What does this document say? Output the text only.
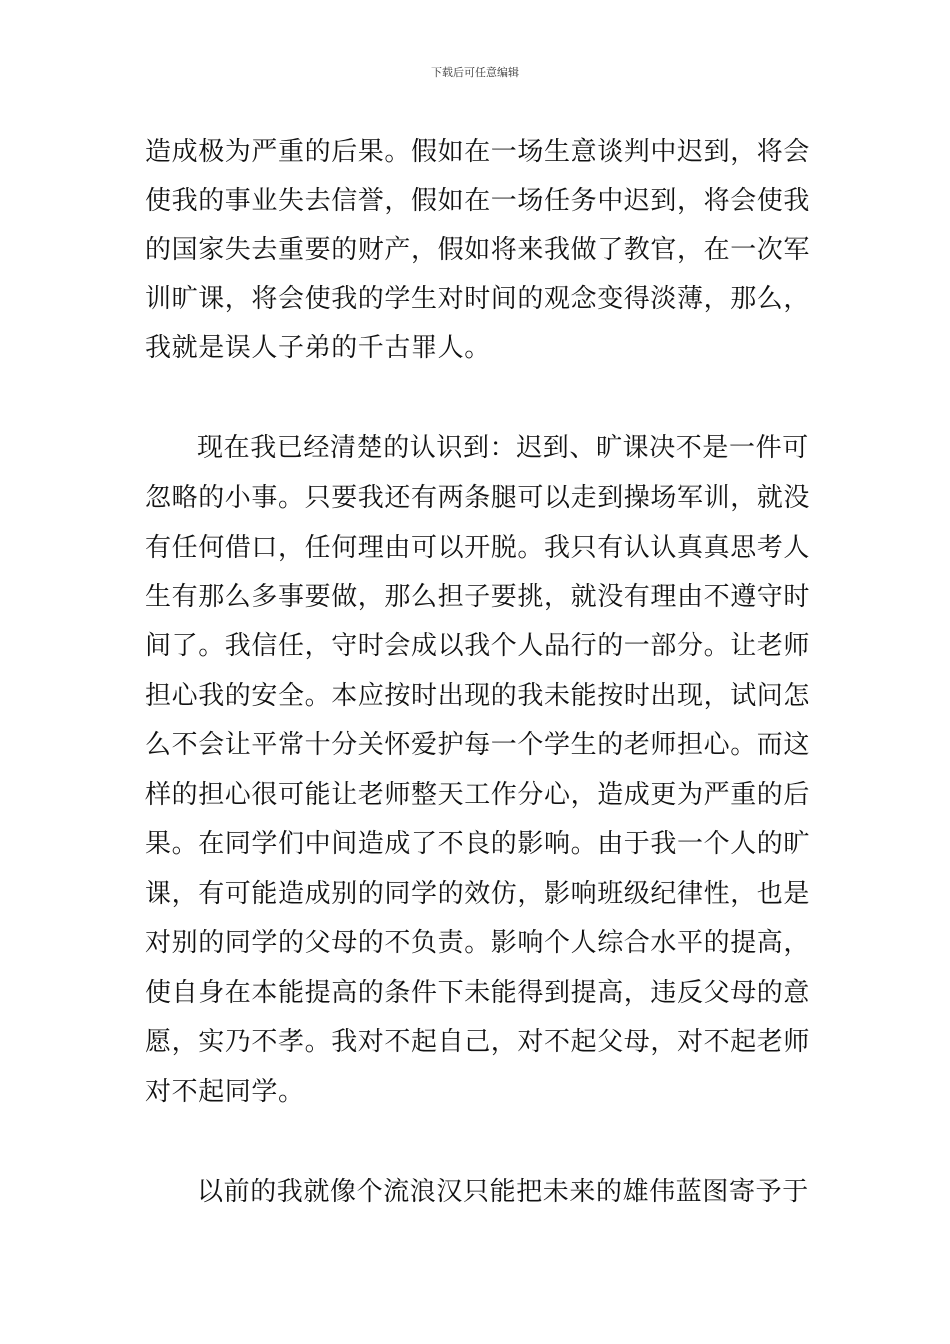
下载后可任意编辑
造成极为严重的后果。假如在一场生意谈判中迟到，将会
使我的事业失去信誉，假如在一场任务中迟到，将会使我
的国家失去重要的财产，假如将来我做了教官，在一次军
训旷课，将会使我的学生对时间的观念变得淡薄，那么，
我就是误人子弟的千古罪人。
现在我已经清楚的认识到：迟到、旷课决不是一件可
忽略的小事。只要我还有两条腿可以走到操场军训，就没
有任何借口，任何理由可以开脱。我只有认认真真思考人
生有那么多事要做，那么担子要挑，就没有理由不遵守时
间了。我信任，守时会成以我个人品行的一部分。让老师
担心我的安全。本应按时出现的我未能按时出现，试问怎
么不会让平常十分关怀爱护每一个学生的老师担心。而这
样的担心很可能让老师整天工作分心，造成更为严重的后
果。在同学们中间造成了不良的影响。由于我一个人的旷
课，有可能造成别的同学的效仿，影响班级纪律性，也是
对别的同学的父母的不负责。影响个人综合水平的提高，
使自身在本能提高的条件下未能得到提高，违反父母的意
愿，实乃不孝。我对不起自己，对不起父母，对不起老师
对不起同学。
以前的我就像个流浪汉只能把未来的雄伟蓝图寄予于
